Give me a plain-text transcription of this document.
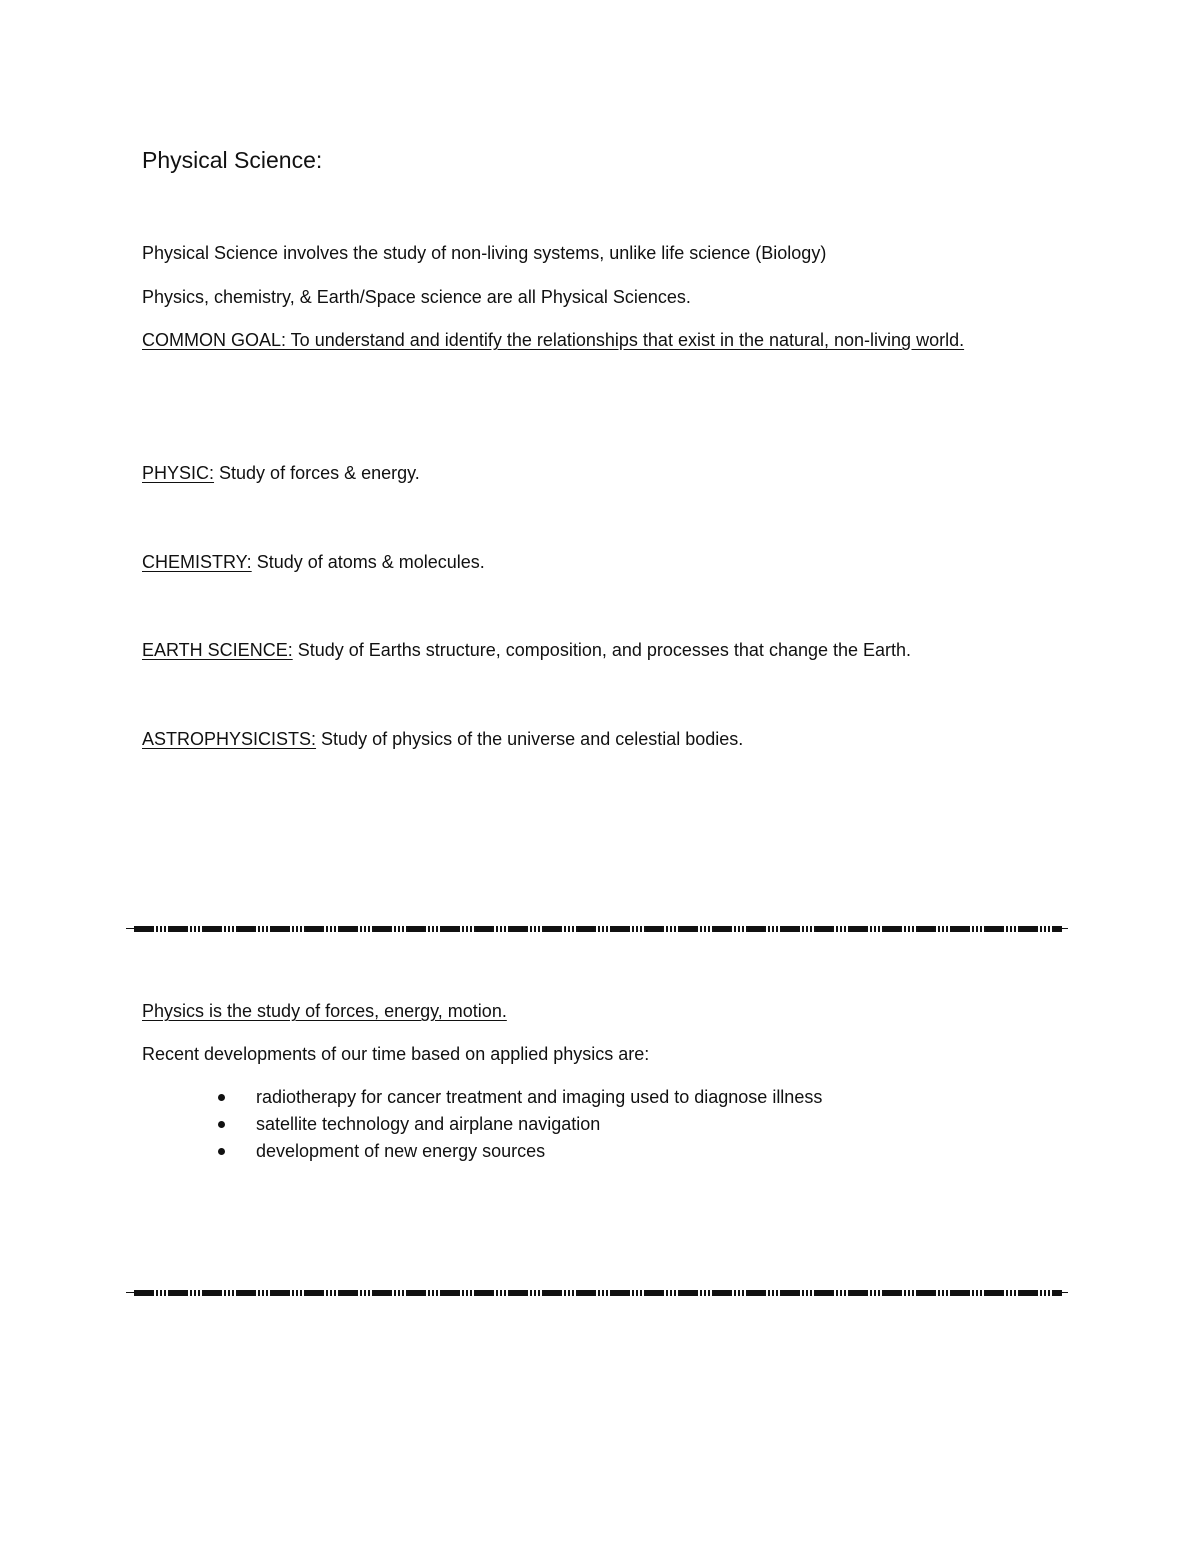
Physical Science:
Physical Science involves the study of non-living systems, unlike life science (Biology)
Physics, chemistry, & Earth/Space science are all Physical Sciences.
COMMON GOAL: To understand and identify the relationships that exist in the natural, non-living world.
PHYSIC: Study of forces & energy.
CHEMISTRY: Study of atoms & molecules.
EARTH SCIENCE: Study of Earths structure, composition, and processes that change the Earth.
ASTROPHYSICISTS: Study of physics of the universe and celestial bodies.
Physics is the study of forces, energy, motion.
Recent developments of our time based on applied physics are:
radiotherapy for cancer treatment and imaging used to diagnose illness
satellite technology and airplane navigation
development of new energy sources
